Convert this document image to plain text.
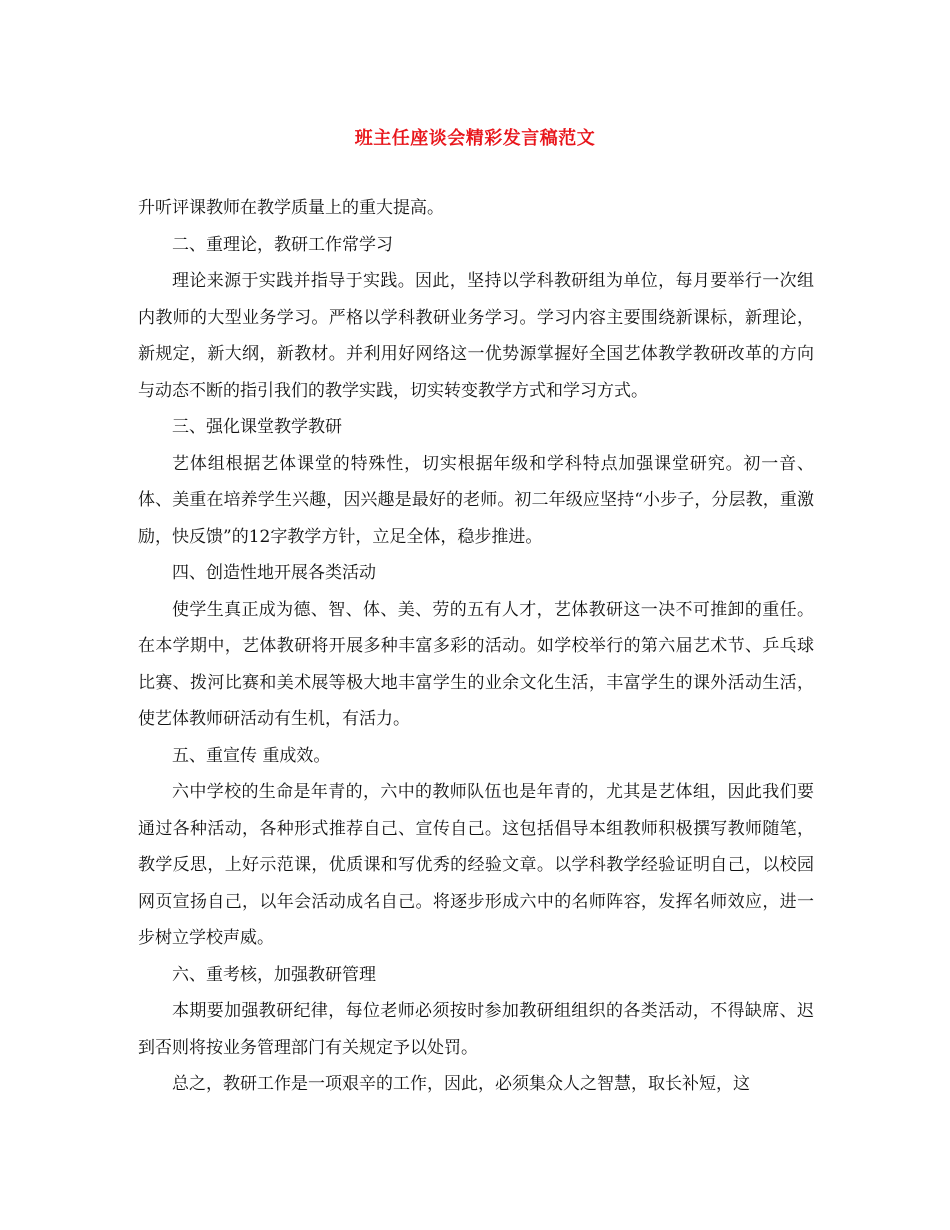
班主任座谈会精彩发言稿范文

升听评课教师在教学质量上的重大提高。

二、重理论，教研工作常学习

理论来源于实践并指导于实践。因此，坚持以学科教研组为单位，每月要举行一次组内教师的大型业务学习。严格以学科教研业务学习。学习内容主要围绕新课标，新理论，新规定，新大纲，新教材。并利用好网络这一优势源掌握好全国艺体教学教研改革的方向与动态不断的指引我们的教学实践，切实转变教学方式和学习方式。

三、强化课堂教学教研

艺体组根据艺体课堂的特殊性，切实根据年级和学科特点加强课堂研究。初一音、体、美重在培养学生兴趣，因兴趣是最好的老师。初二年级应坚持“小步子，分层教，重激励，快反馈”的12字教学方针，立足全体，稳步推进。

四、创造性地开展各类活动

使学生真正成为德、智、体、美、劳的五有人才，艺体教研这一决不可推卸的重任。在本学期中，艺体教研将开展多种丰富多彩的活动。如学校举行的第六届艺术节、乒乓球比赛、拨河比赛和美术展等极大地丰富学生的业余文化生活，丰富学生的课外活动生活，使艺体教师研活动有生机，有活力。

五、重宣传 重成效。

六中学校的生命是年青的，六中的教师队伍也是年青的，尤其是艺体组，因此我们要通过各种活动，各种形式推荐自己、宣传自己。这包括倡导本组教师积极撰写教师随笔，教学反思，上好示范课，优质课和写优秀的经验文章。以学科教学经验证明自己，以校园网页宣扬自己，以年会活动成名自己。将逐步形成六中的名师阵容，发挥名师效应，进一步树立学校声威。

六、重考核，加强教研管理

本期要加强教研纪律，每位老师必须按时参加教研组组织的各类活动，不得缺席、迟到否则将按业务管理部门有关规定予以处罚。

总之，教研工作是一项艰辛的工作，因此，必须集众人之智慧，取长补短，这
